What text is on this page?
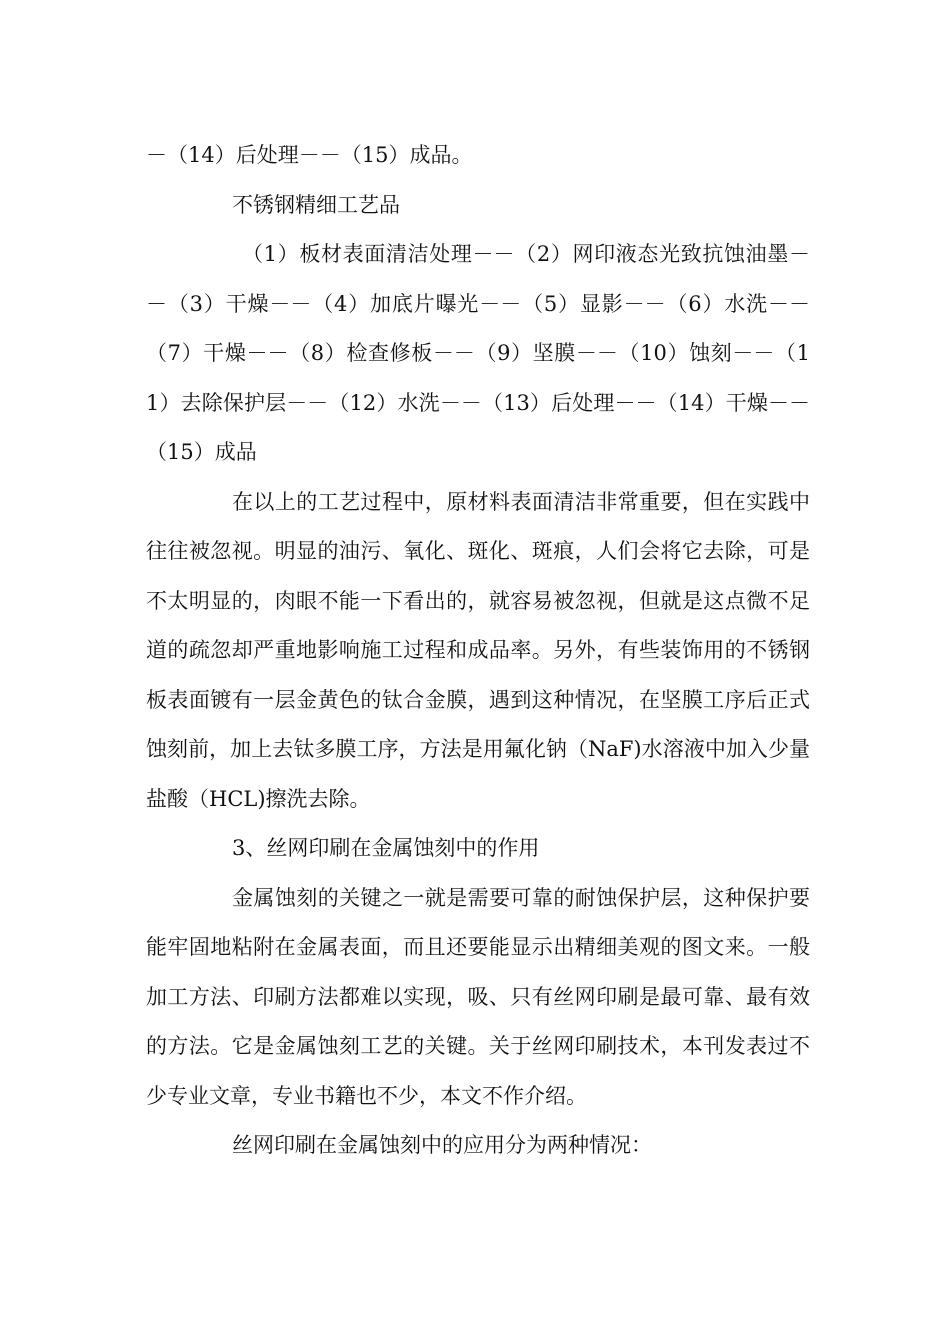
－（14）后处理－－（15）成品。

不锈钢精细工艺品

（1）板材表面清洁处理－－（2）网印液态光致抗蚀油墨－－（3）干燥－－（4）加底片曝光－－（5）显影－－（6）水洗－－（7）干燥－－（8）检查修板－－（9）坚膜－－（10）蚀刻－－（11）去除保护层－－（12）水洗－－（13）后处理－－（14）干燥－－（15）成品

在以上的工艺过程中，原材料表面清洁非常重要，但在实践中往往被忽视。明显的油污、氧化、斑化、斑痕，人们会将它去除，可是不太明显的，肉眼不能一下看出的，就容易被忽视，但就是这点微不足道的疏忽却严重地影响施工过程和成品率。另外，有些装饰用的不锈钢板表面镀有一层金黄色的钛合金膜，遇到这种情况，在坚膜工序后正式蚀刻前，加上去钛多膜工序，方法是用氟化钠（NaF)水溶液中加入少量盐酸（HCL)擦洗去除。

3、丝网印刷在金属蚀刻中的作用

金属蚀刻的关键之一就是需要可靠的耐蚀保护层，这种保护要能牢固地粘附在金属表面，而且还要能显示出精细美观的图文来。一般加工方法、印刷方法都难以实现，吸、只有丝网印刷是最可靠、最有效的方法。它是金属蚀刻工艺的关键。关于丝网印刷技术，本刊发表过不少专业文章，专业书籍也不少，本文不作介绍。

丝网印刷在金属蚀刻中的应用分为两种情况：
